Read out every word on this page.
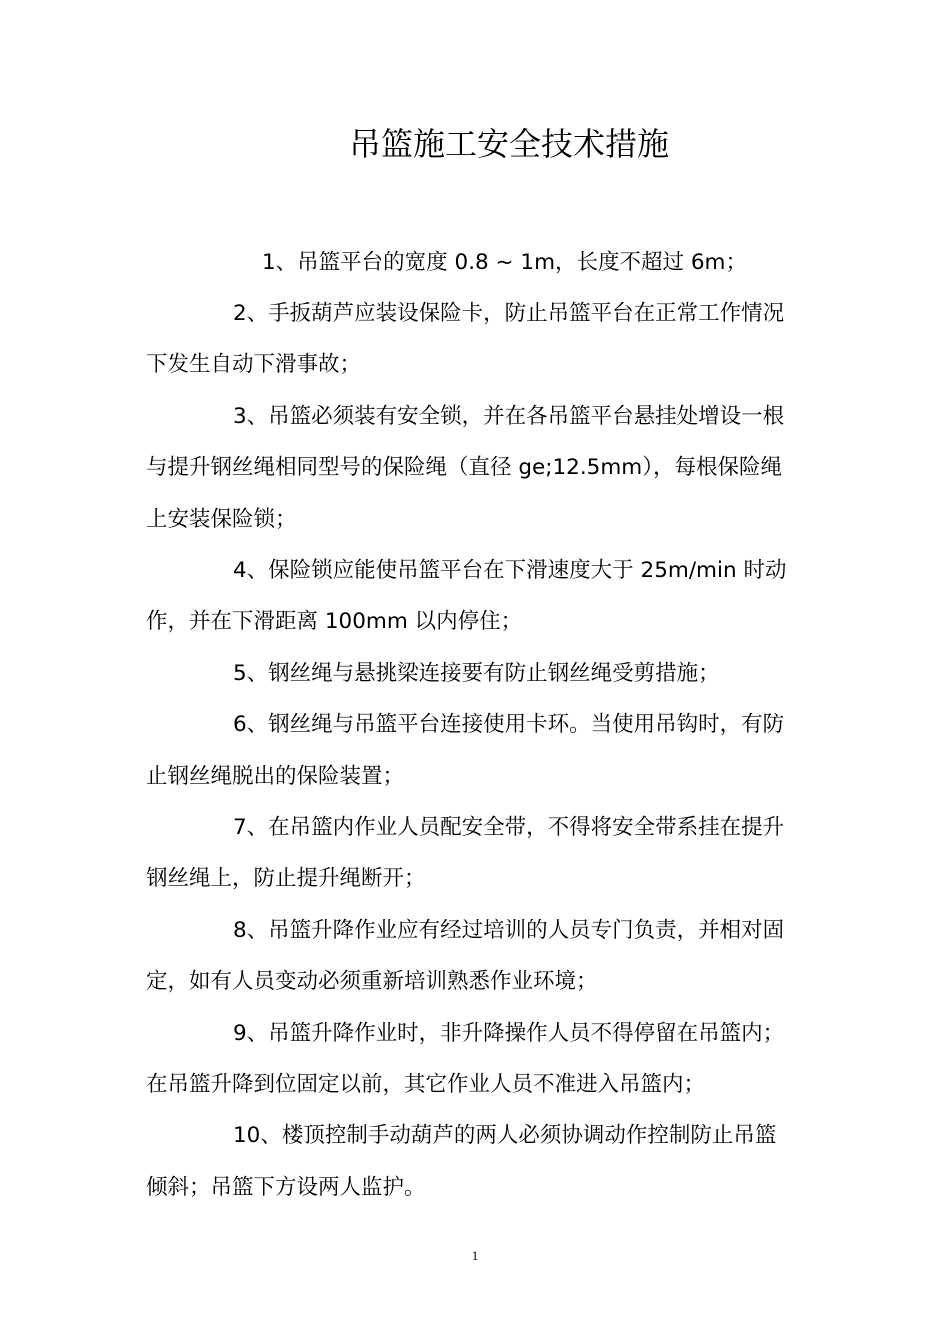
吊篮施工安全技术措施

1、吊篮平台的宽度 0.8 ~ 1m，长度不超过 6m；

2、手扳葫芦应装设保险卡，防止吊篮平台在正常工作情况

下发生自动下滑事故；

3、吊篮必须装有安全锁，并在各吊篮平台悬挂处增设一根

与提升钢丝绳相同型号的保险绳（直径 ge;12.5mm），每根保险绳

上安装保险锁；

4、保险锁应能使吊篮平台在下滑速度大于 25m/min 时动

作，并在下滑距离 100mm 以内停住；

5、钢丝绳与悬挑梁连接要有防止钢丝绳受剪措施；

6、钢丝绳与吊篮平台连接使用卡环。当使用吊钩时，有防

止钢丝绳脱出的保险装置；

7、在吊篮内作业人员配安全带，不得将安全带系挂在提升

钢丝绳上，防止提升绳断开；

8、吊篮升降作业应有经过培训的人员专门负责，并相对固

定，如有人员变动必须重新培训熟悉作业环境；

9、吊篮升降作业时，非升降操作人员不得停留在吊篮内；

在吊篮升降到位固定以前，其它作业人员不准进入吊篮内；

10、楼顶控制手动葫芦的两人必须协调动作控制防止吊篮

倾斜；吊篮下方设两人监护。

1
